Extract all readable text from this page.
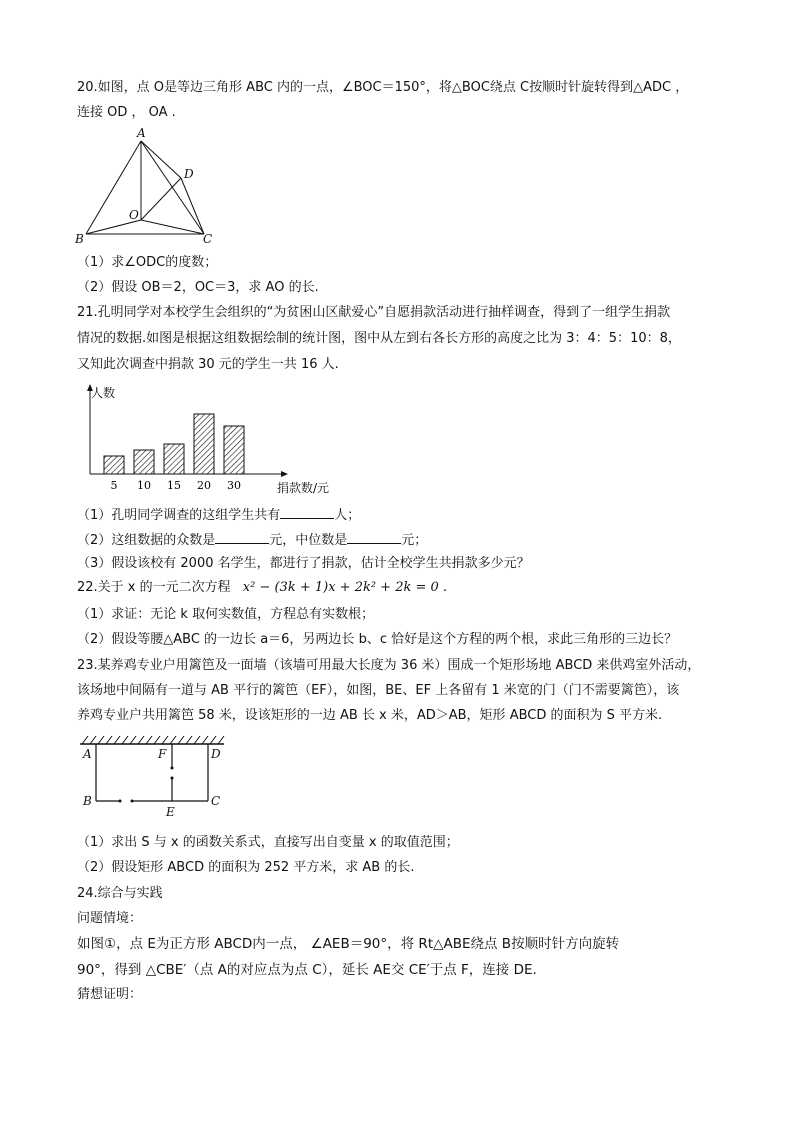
20.如图，点 O是等边三角形 ABC 内的一点，∠BOC＝150°，将△BOC绕点 C按顺时针旋转得到△ADC ，
连接 OD ， OA .
A
B	C
D
O
（1）求∠ODC的度数；
（2）假设 OB＝2，OC＝3，求 AO 的长.
21.孔明同学对本校学生会组织的“为贫困山区献爱心”自愿捐款活动进行抽样调查，得到了一组学生捐款
情况的数据.如图是根据这组数据绘制的统计图，图中从左到右各长方形的高度之比为 3：4：5：10：8，
又知此次调查中捐款 30 元的学生一共 16 人.
5 10 15 20 30
人数
捐款数/元
（1）孔明同学调查的这组学生共有	人；
（2）这组数据的众数是	元，中位数是	元；
（3）假设该校有 2000 名学生，都进行了捐款，估计全校学生共捐款多少元？
22.关于 x 的一元二次方程 x² − (3k + 1)x + 2k² + 2k = 0 .
（1）求证：无论 k 取何实数值，方程总有实数根；
（2）假设等腰△ABC 的一边长 a＝6，另两边长 b、c 恰好是这个方程的两个根，求此三角形的三边长？
23.某养鸡专业户用篱笆及一面墙（该墙可用最大长度为 36 米）围成一个矩形场地 ABCD 来供鸡室外活动，
该场地中间隔有一道与 AB 平行的篱笆（EF），如图，BE、EF 上各留有 1 米宽的门（门不需要篱笆），该
养鸡专业户共用篱笆 58 米，设该矩形的一边 AB 长 x 米，AD＞AB，矩形 ABCD 的面积为 S 平方米.
A	F	D
B	C
E
（1）求出 S 与 x 的函数关系式，直接写出自变量 x 的取值范围；
（2）假设矩形 ABCD 的面积为 252 平方米，求 AB 的长.
24.综合与实践
问题情境：
如图①，点 E为正方形 ABCD内一点， ∠AEB＝90°，将 Rt△ABE绕点 B按顺时针方向旋转
90°，得到 △CBE′（点 A的对应点为点 C），延长 AE交 CE′于点 F，连接 DE.
猜想证明：
